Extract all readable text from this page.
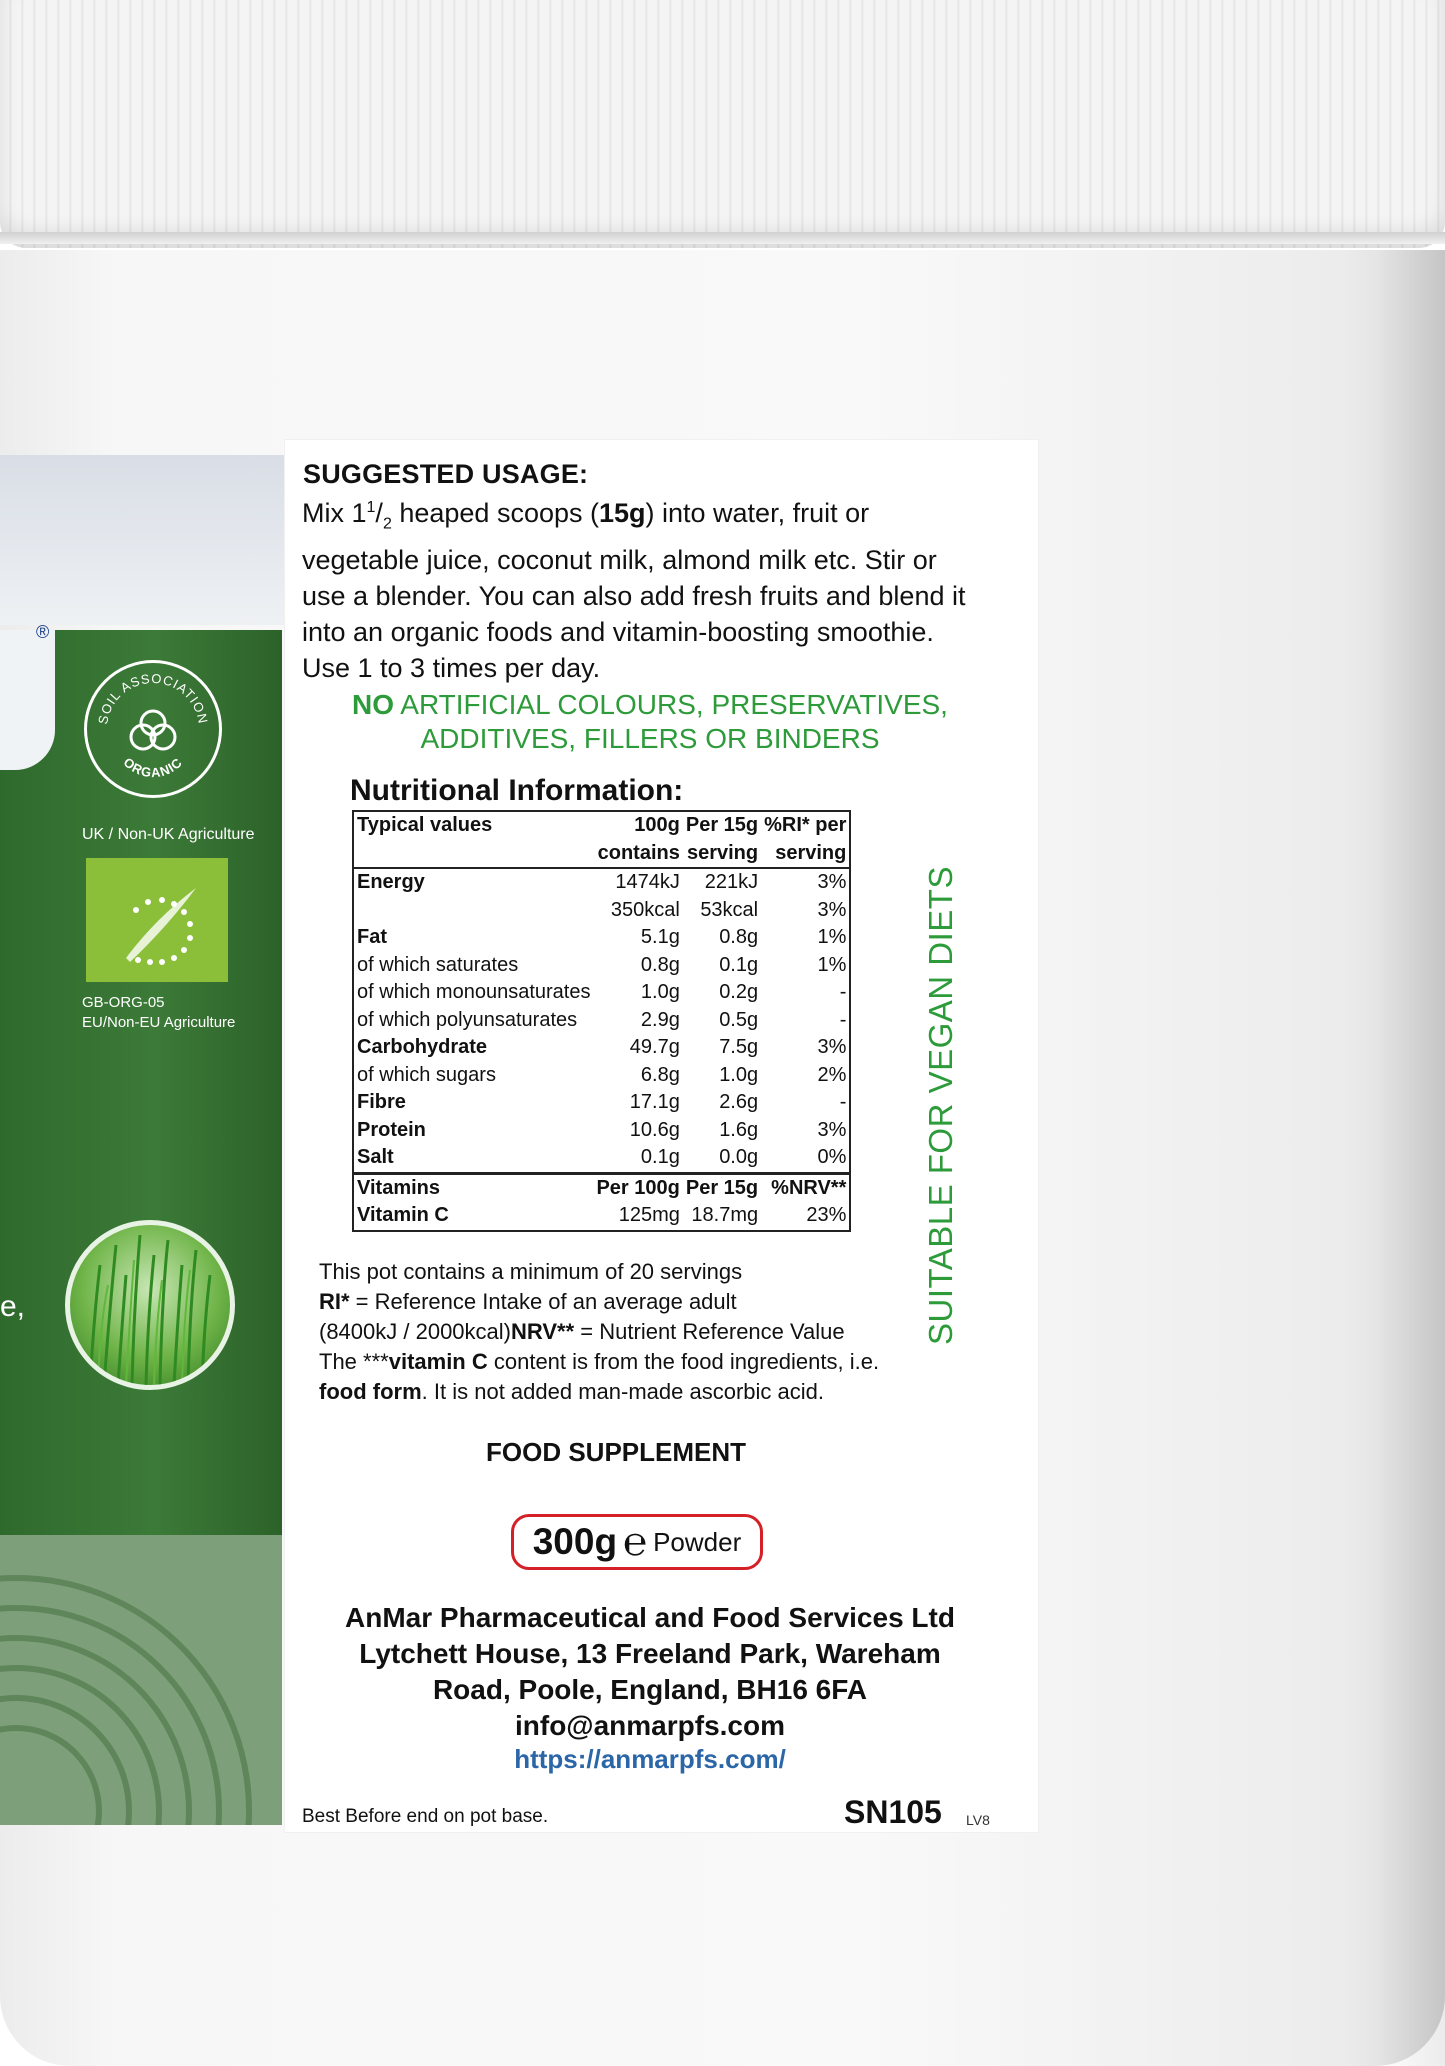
®
SOIL ASSOCIATION
ORGANIC
UK / Non-UK Agriculture
GB-ORG-05
EU/Non-EU Agriculture
e,
SUGGESTED USAGE:
Mix $1^1/_2$ heaped scoops (15g) into water, fruit or vegetable juice, coconut milk, almond milk etc. Stir or use a blender. You can also add fresh fruits and blend it into an organic foods and vitamin-boosting smoothie. Use 1 to 3 times per day.
NO ARTIFICIAL COLOURS, PRESERVATIVES,
ADDITIVES, FILLERS OR BINDERS
Nutritional Information:
Typical values	100g	Per 15g	%RI* per
	contains	serving	serving
Energy	1474kJ	221kJ	3%
	350kcal	53kcal	3%
Fat	5.1g	0.8g	1%
of which saturates	0.8g	0.1g	1%
of which monounsaturates	1.0g	0.2g	-
of which polyunsaturates	2.9g	0.5g	-
Carbohydrate	49.7g	7.5g	3%
of which sugars	6.8g	1.0g	2%
Fibre	17.1g	2.6g	-
Protein	10.6g	1.6g	3%
Salt	0.1g	0.0g	0%
Vitamins	Per 100g	Per 15g	%NRV**
Vitamin C	125mg	18.7mg	23%
This pot contains a minimum of 20 servings
RI* = Reference Intake of an average adult
(8400kJ / 2000kcal)NRV** = Nutrient Reference Value
The ***vitamin C content is from the food ingredients, i.e.
food form. It is not added man-made ascorbic acid.
SUITABLE FOR VEGAN DIETS
FOOD SUPPLEMENT
300g ℮ Powder
AnMar Pharmaceutical and Food Services Ltd
Lytchett House, 13 Freeland Park, Wareham
Road, Poole, England, BH16 6FA
info@anmarpfs.com
https://anmarpfs.com/
Best Before end on pot base.	SN105 LV8
